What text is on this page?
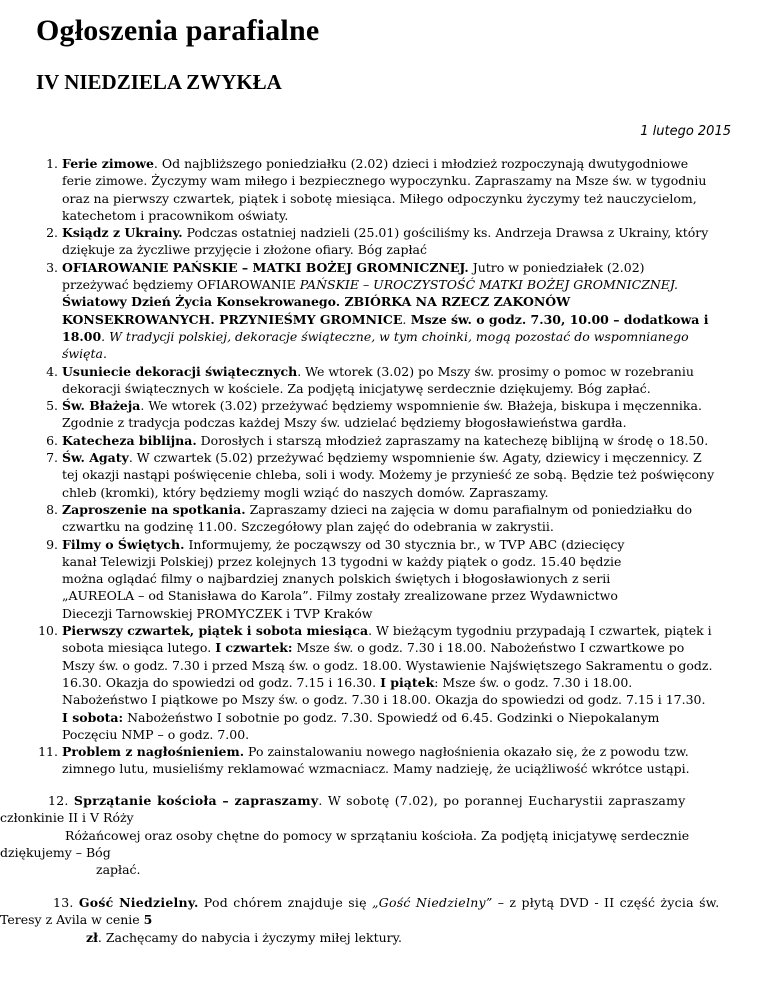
Ogłoszenia parafialne
IV NIEDZIELA ZWYKŁA
1 lutego 2015
1. Ferie zimowe. Od najbliższego poniedziałku (2.02) dzieci i młodzież rozpoczynają dwutygodniowe
ferie zimowe. Życzymy wam miłego i bezpiecznego wypoczynku. Zapraszamy na Msze św. w tygodniu
oraz na pierwszy czwartek, piątek i sobotę miesiąca. Miłego odpoczynku życzymy też nauczycielom,
katechetom i pracownikom oświaty.
2. Ksiądz z Ukrainy. Podczas ostatniej nadzieli (25.01) gościliśmy ks. Andrzeja Drawsa z Ukrainy, który
dziękuje za życzliwe przyjęcie i złożone ofiary. Bóg zapłać
3. OFIAROWANIE PAŃSKIE – MATKI BOŻEJ GROMNICZNEJ. Jutro w poniedziałek (2.02)
przeżywać będziemy OFIAROWANIE PAŃSKIE – UROCZYSTOŚĆ MATKI BOŻEJ GROMNICZNEJ.
Światowy Dzień Życia Konsekrowanego. ZBIÓRKA NA RZECZ ZAKONÓW
KONSEKROWANYCH. PRZYNIEŚMY GROMNICE. Msze św. o godz. 7.30, 10.00 – dodatkowa i
18.00. W tradycji polskiej, dekoracje świąteczne, w tym choinki, mogą pozostać do wspomnianego
święta.
4. Usuniecie dekoracji świątecznych. We wtorek (3.02) po Mszy św. prosimy o pomoc w rozebraniu
dekoracji świątecznych w kościele. Za podjętą inicjatywę serdecznie dziękujemy. Bóg zapłać.
5. Św. Błażeja. We wtorek (3.02) przeżywać będziemy wspomnienie św. Błażeja, biskupa i męczennika.
Zgodnie z tradycja podczas każdej Mszy św. udzielać będziemy błogosławieństwa gardła.
6. Katecheza biblijna. Dorosłych i starszą młodzież zapraszamy na katechezę biblijną w środę o 18.50.
7. Św. Agaty. W czwartek (5.02) przeżywać będziemy wspomnienie św. Agaty, dziewicy i męczennicy. Z
tej okazji nastąpi poświęcenie chleba, soli i wody. Możemy je przynieść ze sobą. Będzie też poświęcony
chleb (kromki), który będziemy mogli wziąć do naszych domów. Zapraszamy.
8. Zaproszenie na spotkania. Zapraszamy dzieci na zajęcia w domu parafialnym od poniedziałku do
czwartku na godzinę 11.00. Szczegółowy plan zajęć do odebrania w zakrystii.
9. Filmy o Świętych. Informujemy, że począwszy od 30 stycznia br., w TVP ABC (dziecięcy
kanał Telewizji Polskiej) przez kolejnych 13 tygodni w każdy piątek o godz. 15.40 będzie
można oglądać filmy o najbardziej znanych polskich świętych i błogosławionych z serii
„AUREOLA – od Stanisława do Karola”. Filmy zostały zrealizowane przez Wydawnictwo
Diecezji Tarnowskiej PROMYCZEK i TVP Kraków
10. Pierwszy czwartek, piątek i sobota miesiąca. W bieżącym tygodniu przypadają I czwartek, piątek i
sobota miesiąca lutego. I czwartek: Msze św. o godz. 7.30 i 18.00. Nabożeństwo I czwartkowe po
Mszy św. o godz. 7.30 i przed Mszą św. o godz. 18.00. Wystawienie Najświętszego Sakramentu o godz.
16.30. Okazja do spowiedzi od godz. 7.15 i 16.30. I piątek: Msze św. o godz. 7.30 i 18.00.
Nabożeństwo I piątkowe po Mszy św. o godz. 7.30 i 18.00. Okazja do spowiedzi od godz. 7.15 i 17.30.
I sobota: Nabożeństwo I sobotnie po godz. 7.30. Spowiedź od 6.45. Godzinki o Niepokalanym
Poczęciu NMP – o godz. 7.00.
11. Problem z nagłośnieniem. Po zainstalowaniu nowego nagłośnienia okazało się, że z powodu tzw.
zimnego lutu, musieliśmy reklamować wzmacniacz. Mamy nadzieję, że uciążliwość wkrótce ustąpi.
12. Sprzątanie kościoła – zapraszamy. W sobotę (7.02), po porannej Eucharystii zapraszamy
członkinie II i V Róży
Różańcowej oraz osoby chętne do pomocy w sprzątaniu kościoła. Za podjętą inicjatywę serdecznie
dziękujemy – Bóg
zapłać.
13. Gość Niedzielny. Pod chórem znajduje się „Gość Niedzielny” – z płytą DVD - II część życia św.
Teresy z Avila w cenie 5
zł. Zachęcamy do nabycia i życzymy miłej lektury.
